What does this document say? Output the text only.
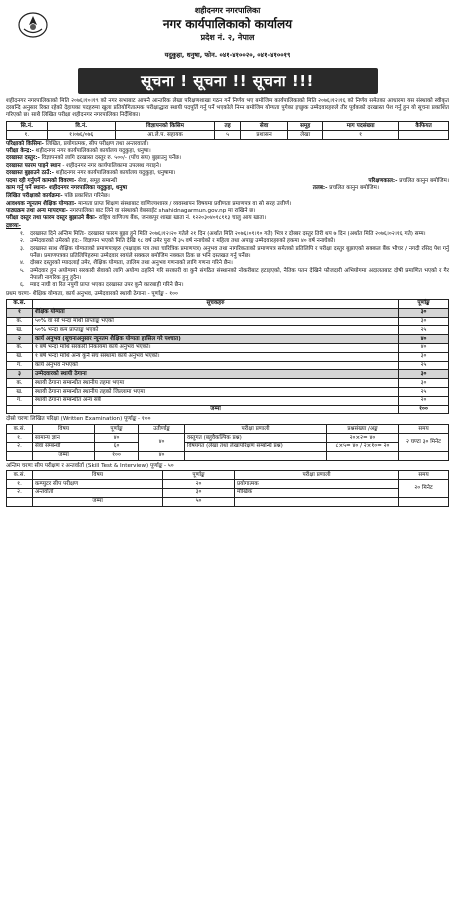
शहीदनगर नगरपालिका
नगर कार्यपालिकाको कार्यालय
प्रदेश नं. २, नेपाल
यदुकुहा, धनुषा, फोन. ०४१-४१००२०, ०४१-४१००१९
सूचना ! सूचना !! सूचना !!!

शहीदनगर नगरपालिकाको मिति २०७६।१०।१९ को नगर सभाबाट आफ्नै आन्तरिक लेखा परिक्षणशाखा गठन गर्ने निर्णय भए बमोजिम कार्यपालिकाको मिति २०७६।१२।१६ को निर्णय समेतका आधारमा यस संस्थाको स्वीकृत दरबन्दि अनुसार रिक्त रहेको देहायका पदहरुमा खुला प्रतियोगितात्मक परीक्षाद्धारा स्थायी पदपूर्ति गर्नु पर्ने भएकोले निम्न बमोजिम योग्यता पुगेका इच्छुक उम्मेदवारहरुले तीर पूर्वकको दरखास्त पेश गर्नु हुन यो सूचना प्रकाशित गरिएको छ। साथै लिखित परीक्षा शहीदनगर नगरपालिका निर्देशिका।

सि.नं.	वि.नं.	विज्ञापनको किसिम	तह	सेवा	समूह	माग पदसंख्या	कैफियत
१.	१।०७६/०७६	आ.ले.प. सहायक	५	प्रशासन	लेखा	१	

परिक्षाको किसिमः- लिखित, प्रयोगात्मक, सीप परीक्षण तथा अन्तरवार्ता।

परीक्षा केन्द्र:- शहीदनगर नगर कार्यपालिकाको कार्यालय यदुकुहा, धनुषा।

दरखास्त दस्तुर:- विज्ञापनको लागि दरखास्त दस्तुर रु. ५००/- (पाँच सय) बुझाउनु पर्नेछ।

दरखास्त फारम पाइने स्थान - शहीदनगर नगर कार्यपालिकामा उपलब्ध गराइने।

दरखास्त बुझाउने ठाउँ:- शहीदनगर नगर कार्यपालिकाको कार्यालय यदुकुहा, धनुषामा।

पदमा रही गर्नुपर्ने कामको विवरणः- सेवा, समूह सम्बन्धी	परिक्षणकाल:- प्रचलित कानुन बमोजिम।

काम गर्नु पर्ने स्थानः- शहीदनगर नगरपालिका यदुकुहा, धनुषा	तलब:- प्रचलित कानुन बमोजिम।

लिखित परीक्षाको कार्यक्रमः- पछि प्रकाशित गरिनेछ।

आवश्यक न्यूनतम शैक्षिक योग्यताः- मान्यता प्राप्त शिक्षण संस्थाबाट वाणिज्यशास्त्र / व्यवस्थापन विषयमा प्रवीणता प्रमाणपत्र वा सो सरह उत्तीर्ण।

पाठ्यक्रम तथा अन्य मापदण्डः- नगरपालिका बाट लिने वा संस्थाको वेबसाईट shahidnagarmun.gov.np मा राखिने छ।

परीक्षा दस्तुर तथा फारम दस्तुर बुझाउने बैंकः- राष्ट्रिय वाणिज्य बैंक, जनकपुर शाखा खाता नं. १२२०३०४०१८११३ चालु आय खाता।

द्रष्टव्यः-
१. दरखास्त दिने अन्तिम मितिः- दरखास्त फारम बुझा हुने मिति २०७६।१२।२० गतेले २१ दिन (अर्थात मिति २०७६।०१।१० गते) भित्र र दोब्बर दस्तुर तिरी थप ७ दिन (अर्थात मिति २०७६।०२।१६ गते) सम्म।
२. उम्मेदवारको उमेरको हद:- विज्ञापन भएको मिति देखि १८ वर्ष उमेर पुरा भै ३५ वर्ष ननाघेको र महिला तथा अपाङ्ग उम्मेदवारहरुको हकमा ४० वर्ष ननाघेको।
३. दरखास्त साथ शैक्षिक योग्यताको प्रमाणपत्रहरु (पक्षाइक पत्र तथा चारित्रिक प्रमाणपत्र) अनुभव तथा नागरिकताको प्रमाणपत्र समेतको प्रतिलिपि र परीक्षा दस्तुर बुझाएको सक्कल बैंक भौचर / नगदी रसिद पेश गर्नु पर्नेछ। प्रमाणपत्रका प्रतिलिपिहरुमा उम्मेदवार स्वयंले सक्कल बमोजिम नक्कल ठिक छ भनि दस्तखत गर्नु पर्नेछ।
४. दोब्बर दस्तुरको म्यादलाई उमेर, शैक्षिक योग्यता, तालिम तथा अनुभव गणनाको लागि गणना गरिने छैन।
५. उम्मेदवार हुन अयोग्यमा सरकारी सेवाको लागि अयोग्य ठहरिने गरि सरकारी वा कुनै संगठित संस्थानको नोकरीबाट हटाइएको, नैतिक पतन देखिने फौजदारी अभियोगमा अदालतबाट दोषी प्रमाणित भएको र गैर नेपाली नागरिक हुनु हुदैन।
६. म्याद नाघी वा रित नपुगी प्राप्त भएका दरखास्त उपर कुनै कारबाही गरिने छैन।
प्रथम चरणः- शैक्षिक योग्यता, कार्य अनुभव, उम्मेदवारको स्थायी ठेगाना - पूर्णाङ्क - १००
क.सं.	सूचकहरु	पूर्णाङ्क
१	शैक्षिक योग्यता	३०
क.	५०% वा सो भन्दा माथी प्राप्ताङ्क भएको	३०
ख.	५०% भन्दा कम प्राप्ताङ्क भएको	२५
२	कार्य अनुभव (सूचनाअनुसार न्यूनतम शैक्षिक योग्यता हासिल गरे पश्चात)	४०
क.	१ बर्ष भन्दा माथि सरकारी निकायमा कार्य अनुभव भएको।	४०
ख.	१ बर्ष भन्दा माथि अन्य कुनै संघ संस्थामा कार्य अनुभव भएको।	३०
ग.	कार्य अनुभव नभएको	२५
३	उम्मेदवारको स्थायी ठेगाना	३०
क.	स्थायी ठेगाना सम्बन्धीत स्थानीय तहमा भएमा	३०
ख.	स्थायी ठेगाना सम्बन्धीत स्थानीय तहको जिल्लामा भएमा	२५
ग.	स्थायी ठेगाना सम्बन्धीत अन्य सबै	२०
	जम्मा	१००
दोस्रो चरणः लिखित परिक्षा (Written Examination) पूर्णाङ्क - १००
क.सं.	विषय	पूर्णाङ्क	उतीर्णाङ्क	परीक्षा प्रणाली	प्रश्नसंख्या /अङ्क	समय
१.	सामान्य ज्ञान	४०	४०	वस्तुगत (बहुवैकल्पिक प्रश्न)	२०×२= ४०	२ घण्टा ३० मिनेट
२.	सेवा सम्बन्धी	६०		विषयगत (लेखा तथा लेखापरिक्षण सम्बन्धि प्रश्न)	८×५= ४० / २×१०= २०	
	जम्मा	१००	४०			
अन्तिम चरणः सीप परीक्षण र अन्तर्वार्ता (Skill Test & Interview) पूर्णाङ्क - ५०
क.सं.	विषय	पूर्णाङ्क	परीक्षा प्रणाली	समय
१.	कम्प्युटर सीप परीक्षण	२०	प्रयोगात्मक	२० मिनेट
२.	अन्तर्वार्ता	३०	मौखिक	
	जम्मा	५०		
